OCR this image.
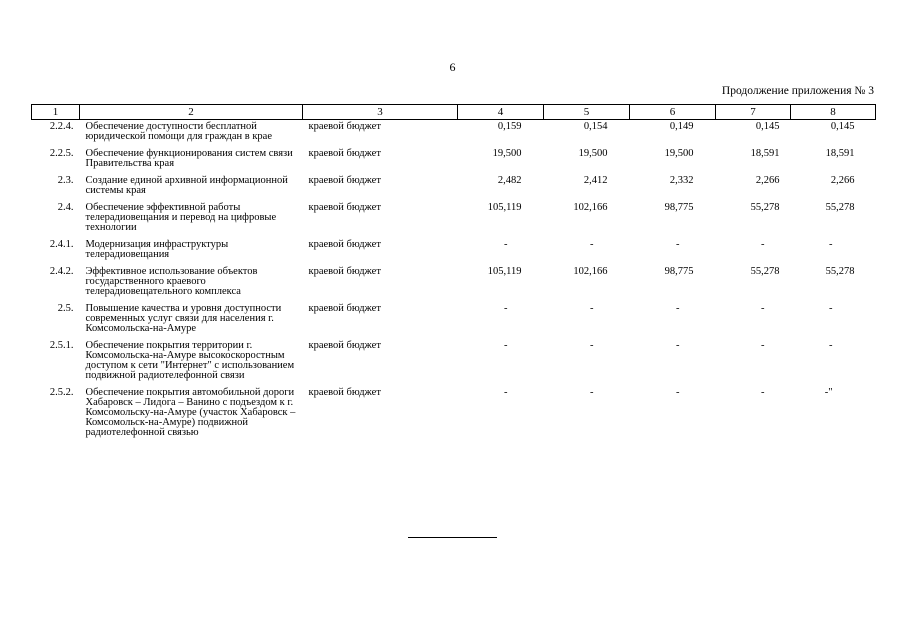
6
Продолжение приложения № 3
1	2	3	4	5	6	7	8
2.2.4.	Обеспечение доступности бесплатной юридической помощи для граждан в крае	краевой бюджет	0,159	0,154	0,149	0,145	0,145
2.2.5.	Обеспечение функционирования систем связи Правительства края	краевой бюджет	19,500	19,500	19,500	18,591	18,591
2.3.	Создание единой архивной информационной системы края	краевой бюджет	2,482	2,412	2,332	2,266	2,266
2.4.	Обеспечение эффективной работы телерадиовещания и перевод на цифровые технологии	краевой бюджет	105,119	102,166	98,775	55,278	55,278
2.4.1.	Модернизация инфраструктуры телерадиовещания	краевой бюджет	-	-	-	-	-
2.4.2.	Эффективное использование объектов государственного краевого телерадиовещательного комплекса	краевой бюджет	105,119	102,166	98,775	55,278	55,278
2.5.	Повышение качества и уровня доступности современных услуг связи для населения г. Комсомольска-на-Амуре	краевой бюджет	-	-	-	-	-
2.5.1.	Обеспечение покрытия территории г. Комсомольска-на-Амуре высокоскоростным доступом к сети "Интернет" с использованием подвижной радиотелефонной связи	краевой бюджет	-	-	-	-	-
2.5.2.	Обеспечение покрытия автомобильной дороги Хабаровск – Лидога – Ванино с подъездом к г. Комсомольску-на-Амуре (участок Хабаровск – Комсомольск-на-Амуре) подвижной радиотелефонной связью	краевой бюджет	-	-	-	-	-"
